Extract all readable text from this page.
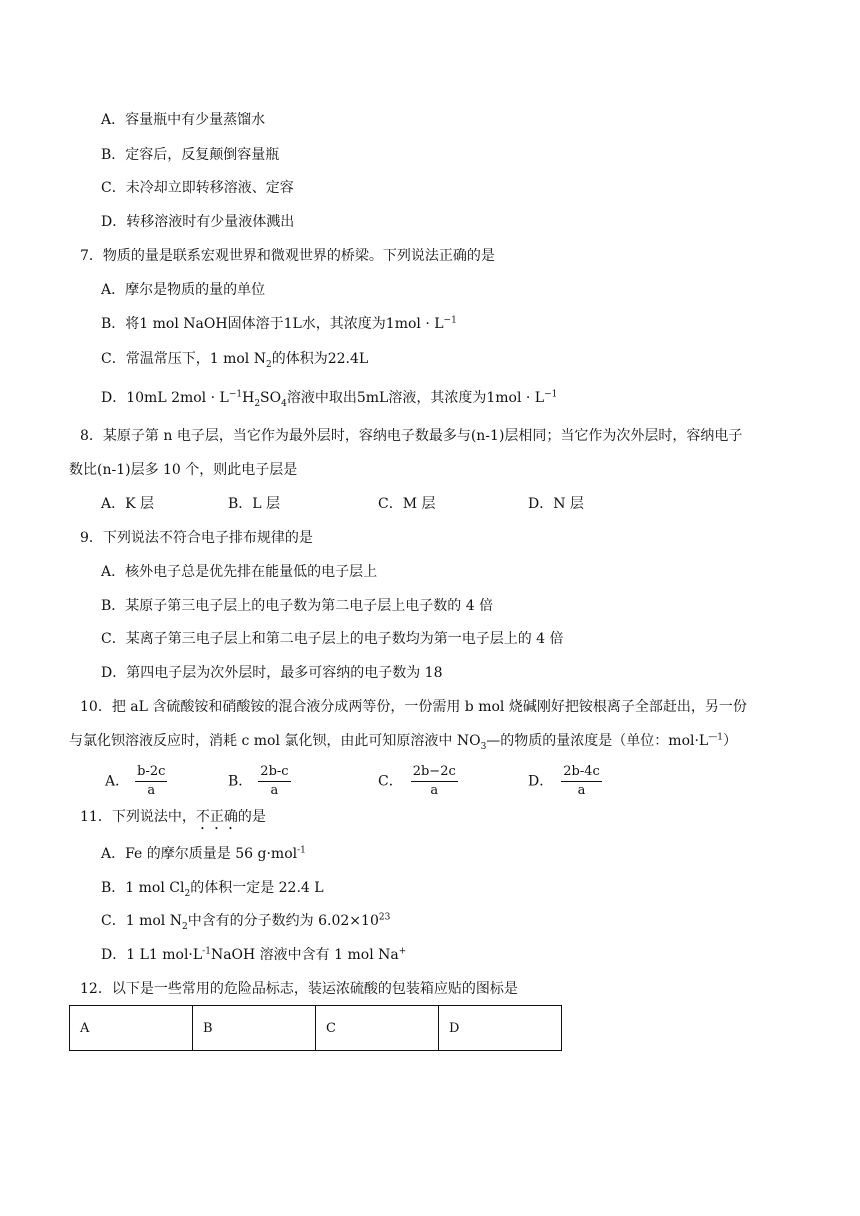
A．容量瓶中有少量蒸馏水
B．定容后，反复颠倒容量瓶
C．未冷却立即转移溶液、定容
D．转移溶液时有少量液体溅出
7．物质的量是联系宏观世界和微观世界的桥梁。下列说法正确的是
A．摩尔是物质的量的单位
B．将1 mol NaOH固体溶于1L水，其浓度为$1mol \cdot L^{-1}$
C．常温常压下，1 mol $N_2$的体积为22.4L
D．10mL $2mol \cdot L^{-1}H_2SO_4$溶液中取出5mL溶液，其浓度为$1mol \cdot L^{-1}$
8．某原子第 n 电子层，当它作为最外层时，容纳电子数最多与(n-1)层相同；当它作为次外层时，容纳电子
数比(n-1)层多 10 个，则此电子层是
A．K 层	B．L 层	C．M 层	D．N 层
9．下列说法不符合电子排布规律的是
A．核外电子总是优先排在能量低的电子层上
B．某原子第三电子层上的电子数为第二电子层上电子数的 4 倍
C．某离子第三电子层上和第二电子层上的电子数均为第一电子层上的 4 倍
D．第四电子层为次外层时，最多可容纳的电子数为 18
10．把 aL 含硫酸铵和硝酸铵的混合液分成两等份，一份需用 b mol 烧碱刚好把铵根离子全部赶出，另一份
与氯化钡溶液反应时，消耗 c mol 氯化钡，由此可知原溶液中 $NO_3—$的物质的量浓度是（单位：$mol\cdot L^{—1}$）
A． $\frac{b-2c}{a}$	B． $\frac{2b-c}{a}$	C． $\frac{2b-2c}{a}$	D． $\frac{2b-4c}{a}$
11．下列说法中，不正确的是
A．Fe 的摩尔质量是 56 g·mol$^{-1}$
B．1 mol $Cl_2$的体积一定是 22.4 L
C．1 mol $N_2$中含有的分子数约为 $6.02\times 10^{23}$
D．1 L1 $mol\cdot L^{-1}NaOH$ 溶液中含有 1 mol Na+
12．以下是一些常用的危险品标志，装运浓硫酸的包装箱应贴的图标是
A	B	C	D
